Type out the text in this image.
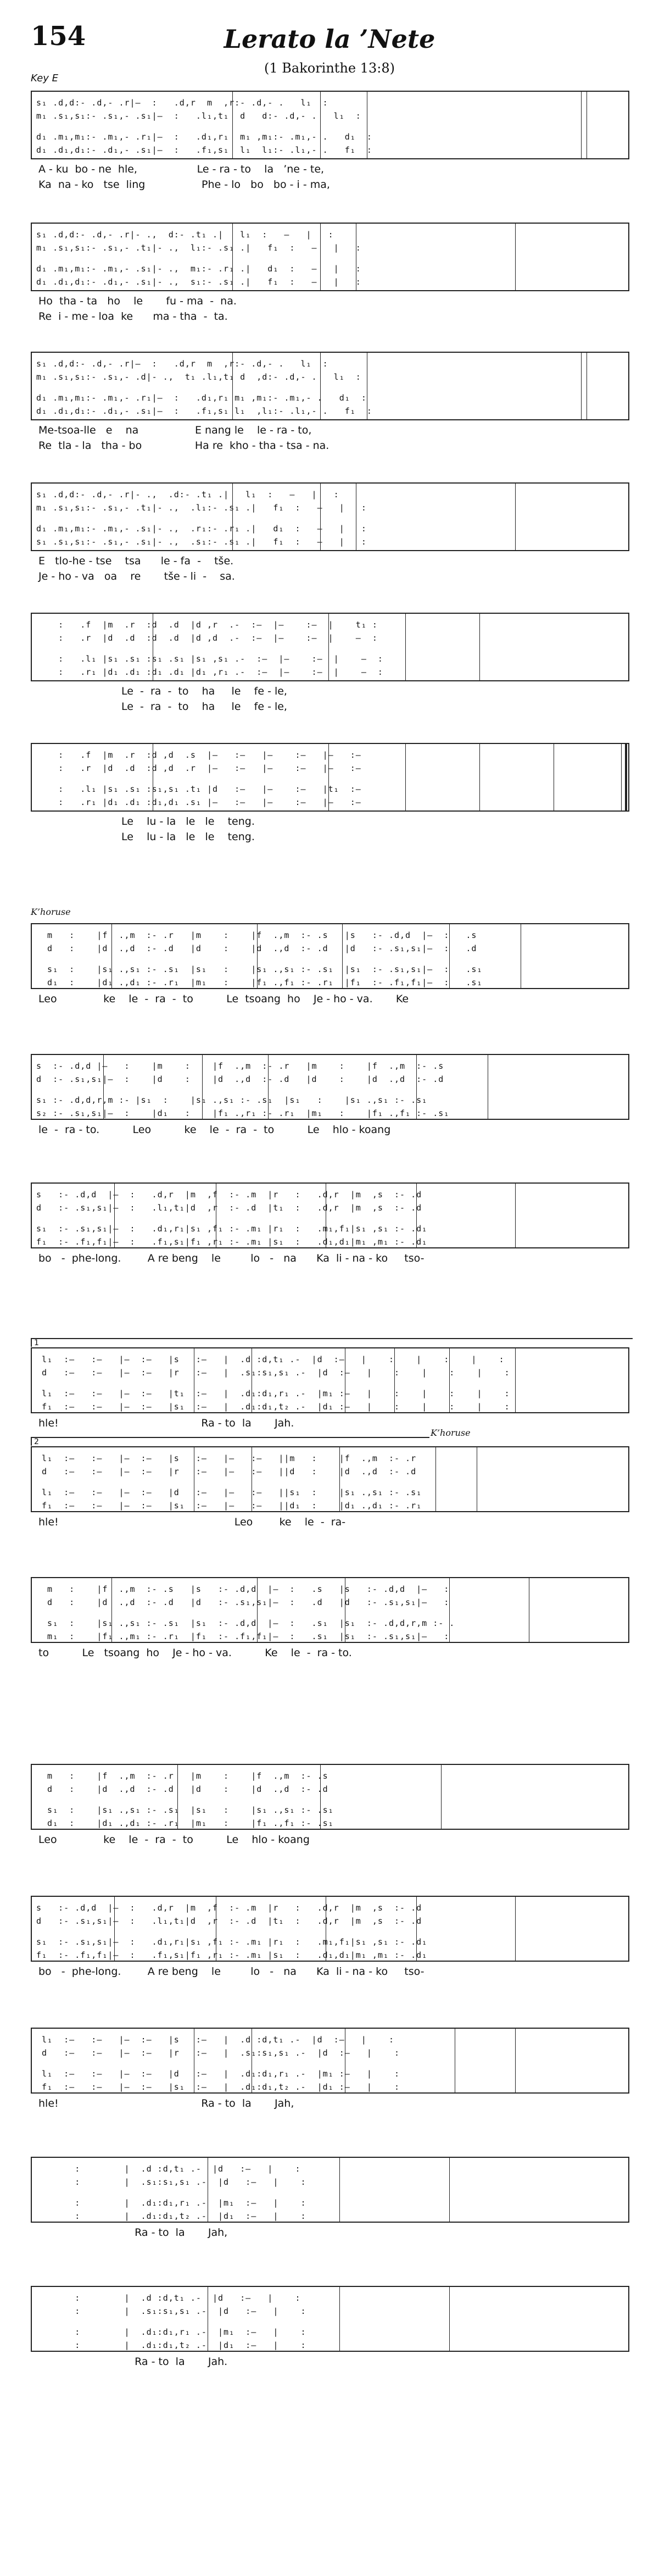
154	Lerato la ’Nete
(1 Bakorinthe 13:8)
Key E
K’horuse
K’horuse
s₁ .d,d:- .d,- .r|—  :   .d,r  m  ,r:- .d,- .   l₁  :
m₁ .s₁,s₁:- .s₁,- .s₁|—  :   .l₁,t₁  d   d:- .d,- .   l₁  :
d₁ .m₁,m₁:- .m₁,- .r₁|—  :   .d₁,r₁  m₁ ,m₁:- .m₁,- .   d₁  :
d₁ .d₁,d₁:- .d₁,- .s₁|—  :   .f₁,s₁  l₁  l₁:- .l₁,- .   f₁  :
A - ku  bo - ne  hle,                  Le - ra - to    la   ’ne - te,
Ka  na - ko   tse  ling                 Phe - lo   bo   bo - i - ma,
s₁ .d,d:- .d,- .r|- .,  d:- .t₁ .|   l₁  :   —   |   :
m₁ .s₁,s₁:- .s₁,- .t₁|- .,  l₁:- .s₁ .|   f₁  :   —   |   :
d₁ .m₁,m₁:- .m₁,- .s₁|- .,  m₁:- .r₁ .|   d₁  :   —   |   :
d₁ .d₁,d₁:- .d₁,- .s₁|- .,  s₁:- .s₁ .|   f₁  :   —   |   :
Ho  tha - ta   ho    le       fu - ma  -  na.
Re  i - me - loa  ke      ma - tha  -  ta.
s₁ .d,d:- .d,- .r|—  :   .d,r  m  ,r:- .d,- .   l₁  :
m₁ .s₁,s₁:- .s₁,- .d|- .,  t₁ .l₁,t₁ d  ,d:- .d,- .   l₁  :
d₁ .m₁,m₁:- .m₁,- .r₁|—  :   .d₁,r₁ m₁ ,m₁:- .m₁,- .   d₁  :
d₁ .d₁,d₁:- .d₁,- .s₁|—  :   .f₁,s₁ l₁  ,l₁:- .l₁,- .   f₁  :
Me-tsoa-lle   e    na                 E nang le    le - ra - to,
Re  tla - la   tha - bo                Ha re  kho - tha - tsa - na.
s₁ .d,d:- .d,- .r|- .,  .d:- .t₁ .|   l₁  :   —   |   :
m₁ .s₁,s₁:- .s₁,- .t₁|- .,  .l₁:- .s₁ .|   f₁  :   —   |   :
d₁ .m₁,m₁:- .m₁,- .s₁|- .,  .r₁:- .r₁ .|   d₁  :   —   |   :
s₁ .s₁,s₁:- .s₁,- .s₁|- .,  .s₁:- .s₁ .|   f₁  :   —   |   :
E   tlo-he - tse    tsa      le - fa  -    tše.
Je - ho - va   oa    re       tše - li  -    sa.
:   .f  |m  .r  :d  .d  |d ,r  .-  :—  |—    :—  |    t₁ :
:   .r  |d  .d  :d  .d  |d ,d  .-  :—  |—    :—  |    —  :
:   .l₁ |s₁ .s₁ :s₁ .s₁ |s₁ ,s₁ .-  :—  |—    :—  |    —  :
:   .r₁ |d₁ .d₁ :d₁ .d₁ |d₁ ,r₁ .-  :—  |—    :—  |    —  :
Le  -  ra  -  to    ha     le    fe - le,
Le  -  ra  -  to    ha     le    fe - le,
:   .f  |m  .r  :d ,d  .s  |—   :—   |—    :—   |—   :—
:   .r  |d  .d  :d ,d  .r  |—   :—   |—    :—   |—   :—
:   .l₁ |s₁ .s₁ :s₁,s₁ .t₁ |d   :—   |—    :—   |t₁  :—
:   .r₁ |d₁ .d₁ :d₁,d₁ .s₁ |—   :—   |—    :—   |—   :—
Le    lu - la   le   le    teng.
Le    lu - la   le   le    teng.
m   :    |f  .,m  :- .r   |m    :    |f  .,m  :- .s   |s   :- .d,d  |—  :   .s
d   :    |d  .,d  :- .d   |d    :    |d  .,d  :- .d   |d   :- .s₁,s₁|—  :   .d
s₁  :    |s₁ .,s₁ :- .s₁  |s₁   :    |s₁ .,s₁ :- .s₁  |s₁  :- .s₁,s₁|—  :   .s₁
d₁  :    |d₁ .,d₁ :- .r₁  |m₁   :    |f₁ .,f₁ :- .r₁  |f₁  :- .f₁,f₁|—  :   .s₁
Leo              ke    le  -  ra  -  to          Le  tsoang  ho    Je - ho - va.       Ke
s  :- .d,d |—   :    |m    :    |f  .,m  :- .r   |m    :    |f  .,m  :- .s
d  :- .s₁,s₁|—  :    |d    :    |d  .,d  :- .d   |d    :    |d  .,d  :- .d
s₁ :- .d,d,r,m :- |s₁  :    |s₁ .,s₁ :- .s₁  |s₁   :    |s₁ .,s₁ :- .s₁
s₂ :- .s₁,s₁|—  :    |d₁   :    |f₁ .,r₁ :- .r₁  |m₁   :    |f₁ .,f₁ :- .s₁
le  -  ra - to.          Leo          ke    le  -  ra  -  to          Le    hlo - koang
s   :- .d,d  |—  :   .d,r  |m  ,f  :- .m  |r   :   .d,r  |m  ,s  :- .d
d   :- .s₁,s₁|—  :   .l₁,t₁|d  ,r  :- .d  |t₁  :   .d,r  |m  ,s  :- .d
s₁  :- .s₁,s₁|—  :   .d₁,r₁|s₁ ,f₁ :- .m₁ |r₁  :   .m₁,f₁|s₁ ,s₁ :- .d₁
f₁  :- .f₁,f₁|—  :   .f₁,s₁|f₁ ,r₁ :- .m₁ |s₁  :   .d₁,d₁|m₁ ,m₁ :- .d₁
bo   -  phe-long.        A re beng    le         lo   -   na      Ka  li - na - ko     tso-
l₁  :—   :—   |—  :—   |s   :—   |  .d :d,t₁ .-  |d  :—   |    :    |    :    |    :
d   :—   :—   |—  :—   |r   :—   |  .s₁:s₁,s₁ .-  |d  :—   |    :    |    :    |    :
l₁  :—   :—   |—  :—   |t₁  :—   |  .d₁:d₁,r₁ .-  |m₁ :—   |    :    |    :    |    :
f₁  :—   :—   |—  :—   |s₁  :—   |  .d₁:d₁,t₂ .-  |d₁ :—   |    :    |    :    |    :
1
hle!                                           Ra - to  la       Jah.
l₁  :—   :—   |—  :—   |s   :—   |—   :—   ||m   :    |f  .,m  :- .r
d   :—   :—   |—  :—   |r   :—   |—   :—   ||d   :    |d  .,d  :- .d
l₁  :—   :—   |—  :—   |d   :—   |—   :—   ||s₁  :    |s₁ .,s₁ :- .s₁
f₁  :—   :—   |—  :—   |s₁  :—   |—   :—   ||d₁  :    |d₁ .,d₁ :- .r₁
2
hle!                                                     Leo        ke    le  -  ra-
m   :    |f  .,m  :- .s   |s   :- .d,d  |—  :   .s   |s   :- .d,d  |—   :
d   :    |d  .,d  :- .d   |d   :- .s₁,s₁|—  :   .d   |d   :- .s₁,s₁|—   :
s₁  :    |s₁ .,s₁ :- .s₁  |s₁  :- .d,d  |—  :   .s₁  |s₁  :- .d,d,r,m :- .
m₁  :    |f₁ .,m₁ :- .r₁  |f₁  :- .f₁,f₁|—  :   .s₁  |s₁  :- .s₁,s₁|—   :
to          Le   tsoang  ho    Je - ho - va.          Ke    le  -  ra - to.
m   :    |f  .,m  :- .r   |m    :    |f  .,m  :- .s
d   :    |d  .,d  :- .d   |d    :    |d  .,d  :- .d
s₁  :    |s₁ .,s₁ :- .s₁  |s₁   :    |s₁ .,s₁ :- .s₁
d₁  :    |d₁ .,d₁ :- .r₁  |m₁   :    |f₁ .,f₁ :- .s₁
Leo              ke    le  -  ra  -  to          Le    hlo - koang
s   :- .d,d  |—  :   .d,r  |m  ,f  :- .m  |r   :   .d,r  |m  ,s  :- .d
d   :- .s₁,s₁|—  :   .l₁,t₁|d  ,r  :- .d  |t₁  :   .d,r  |m  ,s  :- .d
s₁  :- .s₁,s₁|—  :   .d₁,r₁|s₁ ,f₁ :- .m₁ |r₁  :   .m₁,f₁|s₁ ,s₁ :- .d₁
f₁  :- .f₁,f₁|—  :   .f₁,s₁|f₁ ,r₁ :- .m₁ |s₁  :   .d₁,d₁|m₁ ,m₁ :- .d₁
bo   -  phe-long.        A re beng    le         lo   -   na      Ka  li - na - ko     tso-
l₁  :—   :—   |—  :—   |s   :—   |  .d :d,t₁ .-  |d  :—   |    :
d   :—   :—   |—  :—   |r   :—   |  .s₁:s₁,s₁ .-  |d  :—   |    :
l₁  :—   :—   |—  :—   |d   :—   |  .d₁:d₁,r₁ .-  |m₁ :—   |    :
f₁  :—   :—   |—  :—   |s₁  :—   |  .d₁:d₁,t₂ .-  |d₁ :—   |    :
hle!                                           Ra - to  la       Jah,
:        |  .d :d,t₁ .-  |d   :—   |    :
:        |  .s₁:s₁,s₁ .-  |d   :—   |    :
:        |  .d₁:d₁,r₁ .-  |m₁  :—   |    :
:        |  .d₁:d₁,t₂ .-  |d₁  :—   |    :
Ra - to  la       Jah,
:        |  .d :d,t₁ .-  |d   :—   |    :
:        |  .s₁:s₁,s₁ .-  |d   :—   |    :
:        |  .d₁:d₁,r₁ .-  |m₁  :—   |    :
:        |  .d₁:d₁,t₂ .-  |d₁  :—   |    :
Ra - to  la       Jah.
